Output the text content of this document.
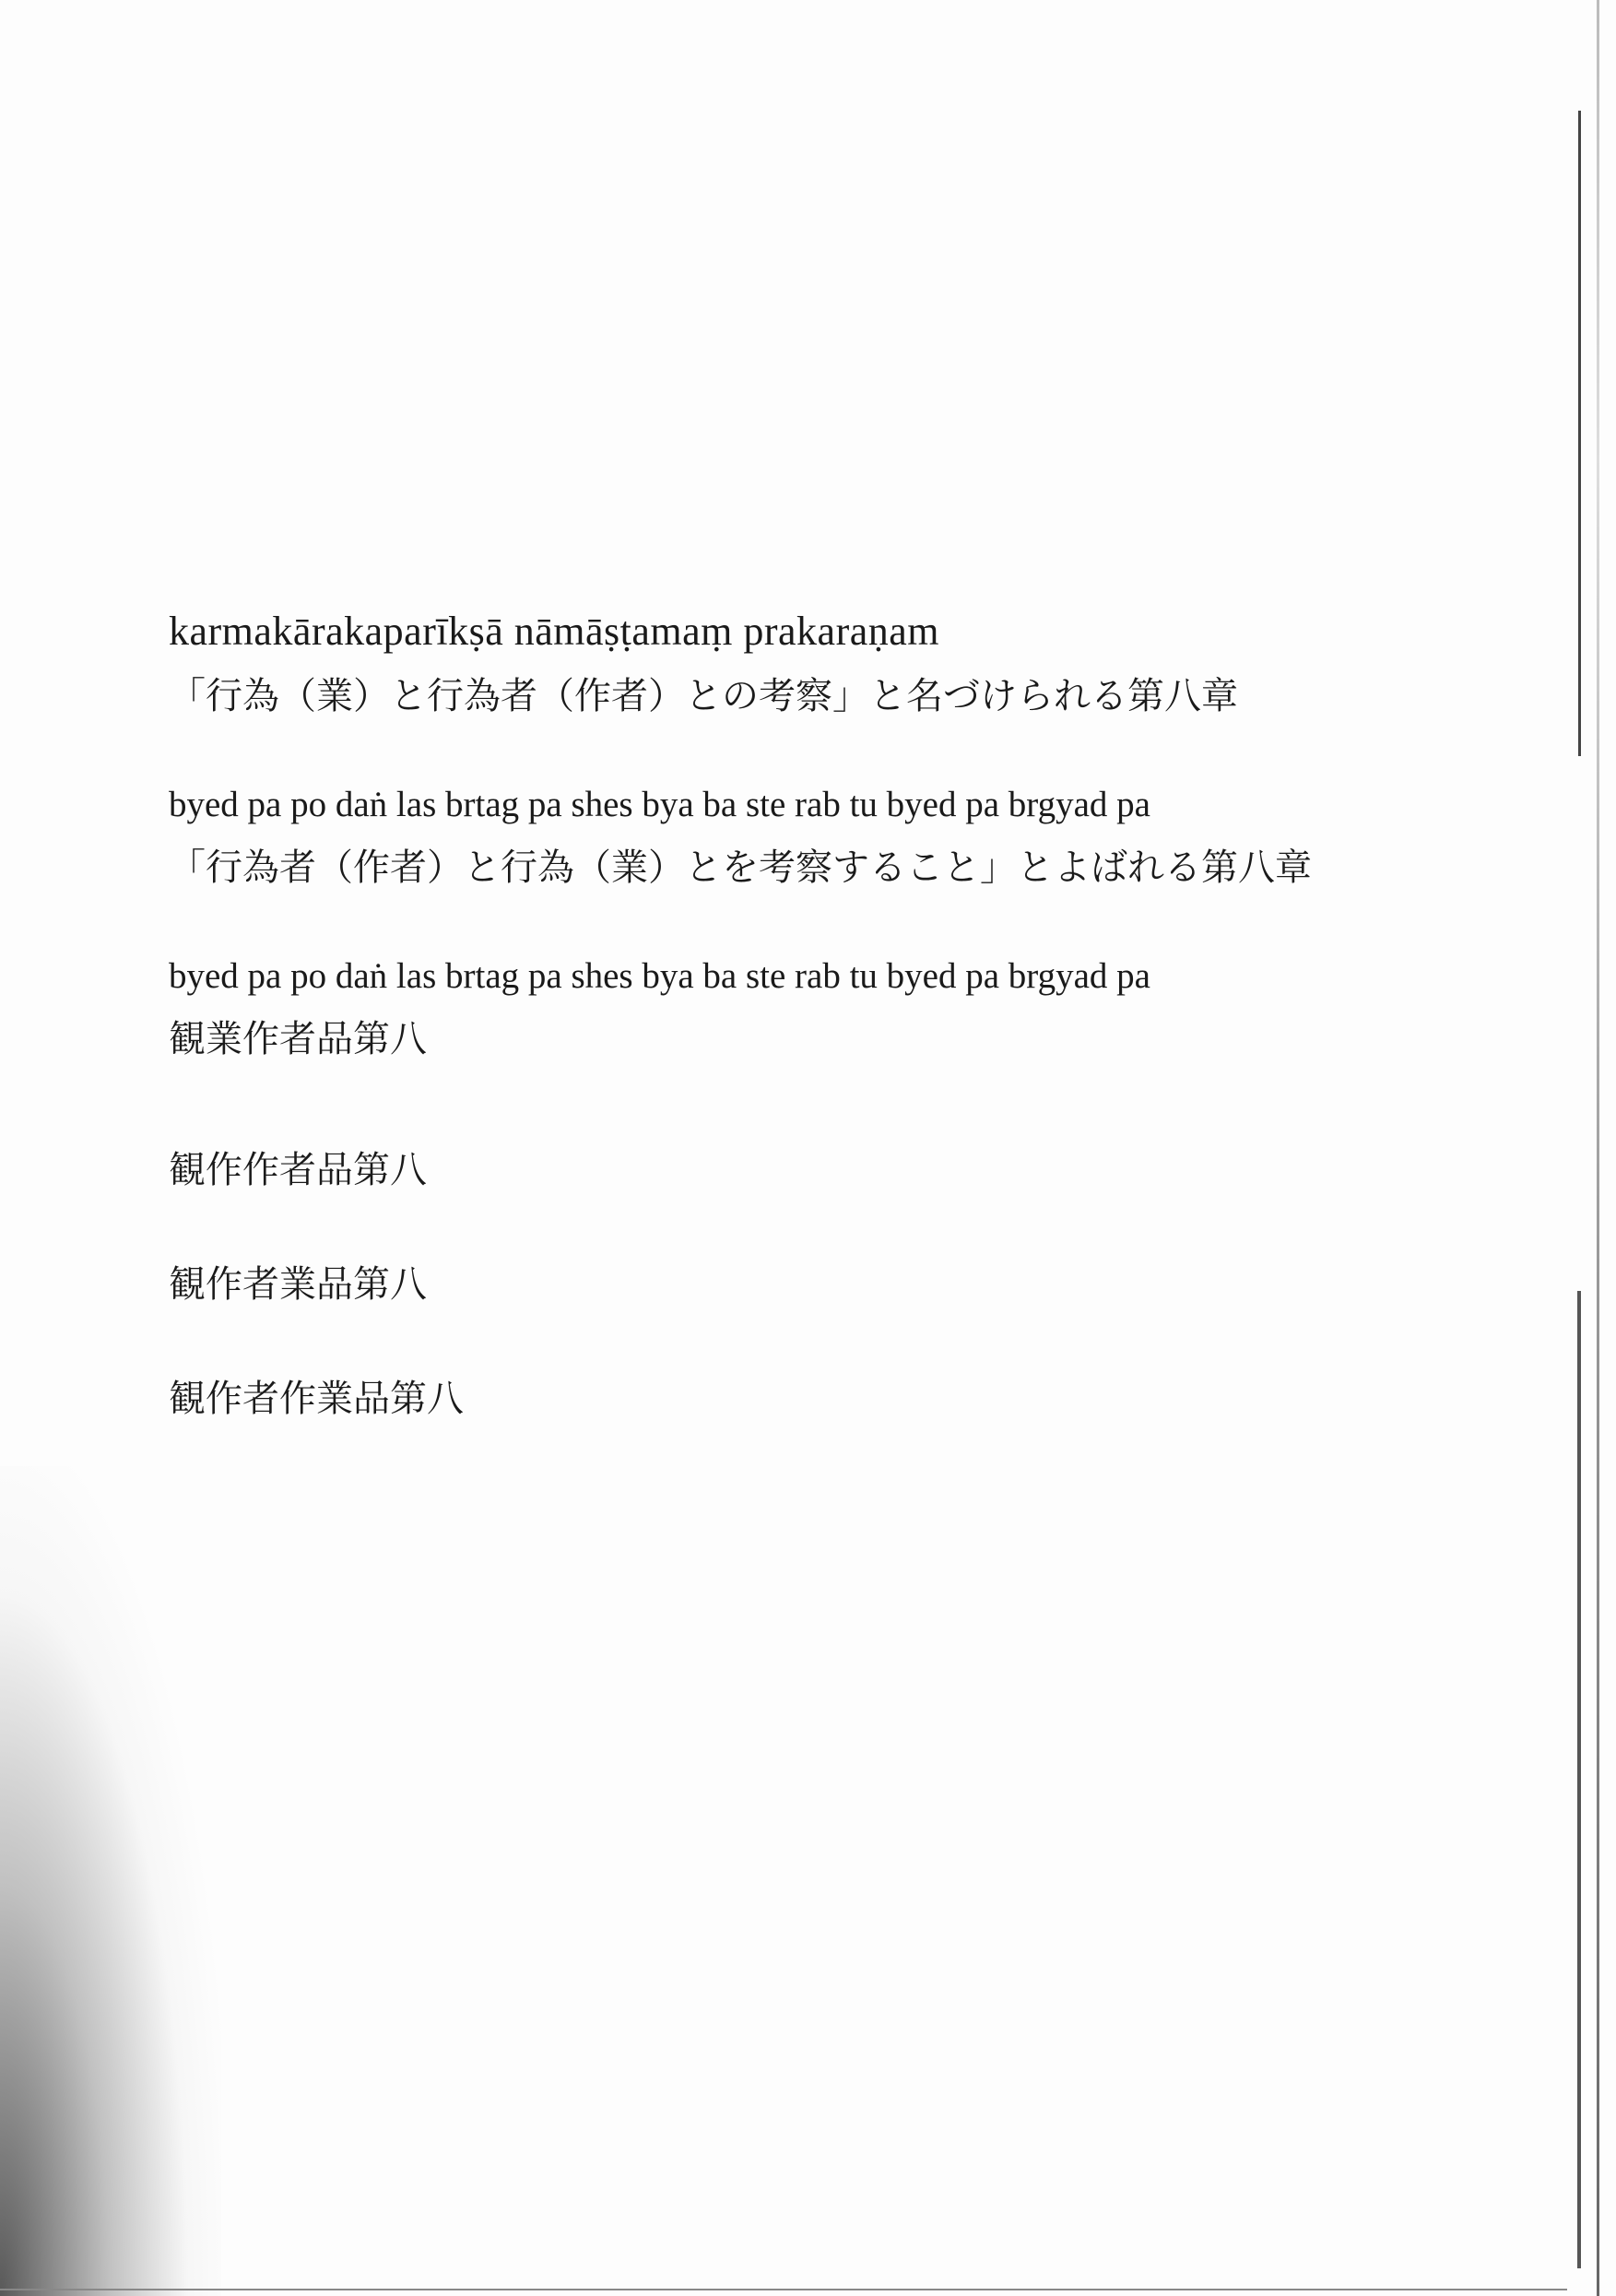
karmakārakaparīkṣā nāmāṣṭamaṃ prakaraṇam

「行為（業）と行為者（作者）との考察」と名づけられる第八章

byed pa po daṅ las brtag pa shes bya ba ste rab tu byed pa brgyad pa

「行為者（作者）と行為（業）とを考察すること」とよばれる第八章

byed pa po daṅ las brtag pa shes bya ba ste rab tu byed pa brgyad pa

観業作者品第八

観作作者品第八

観作者業品第八

観作者作業品第八
